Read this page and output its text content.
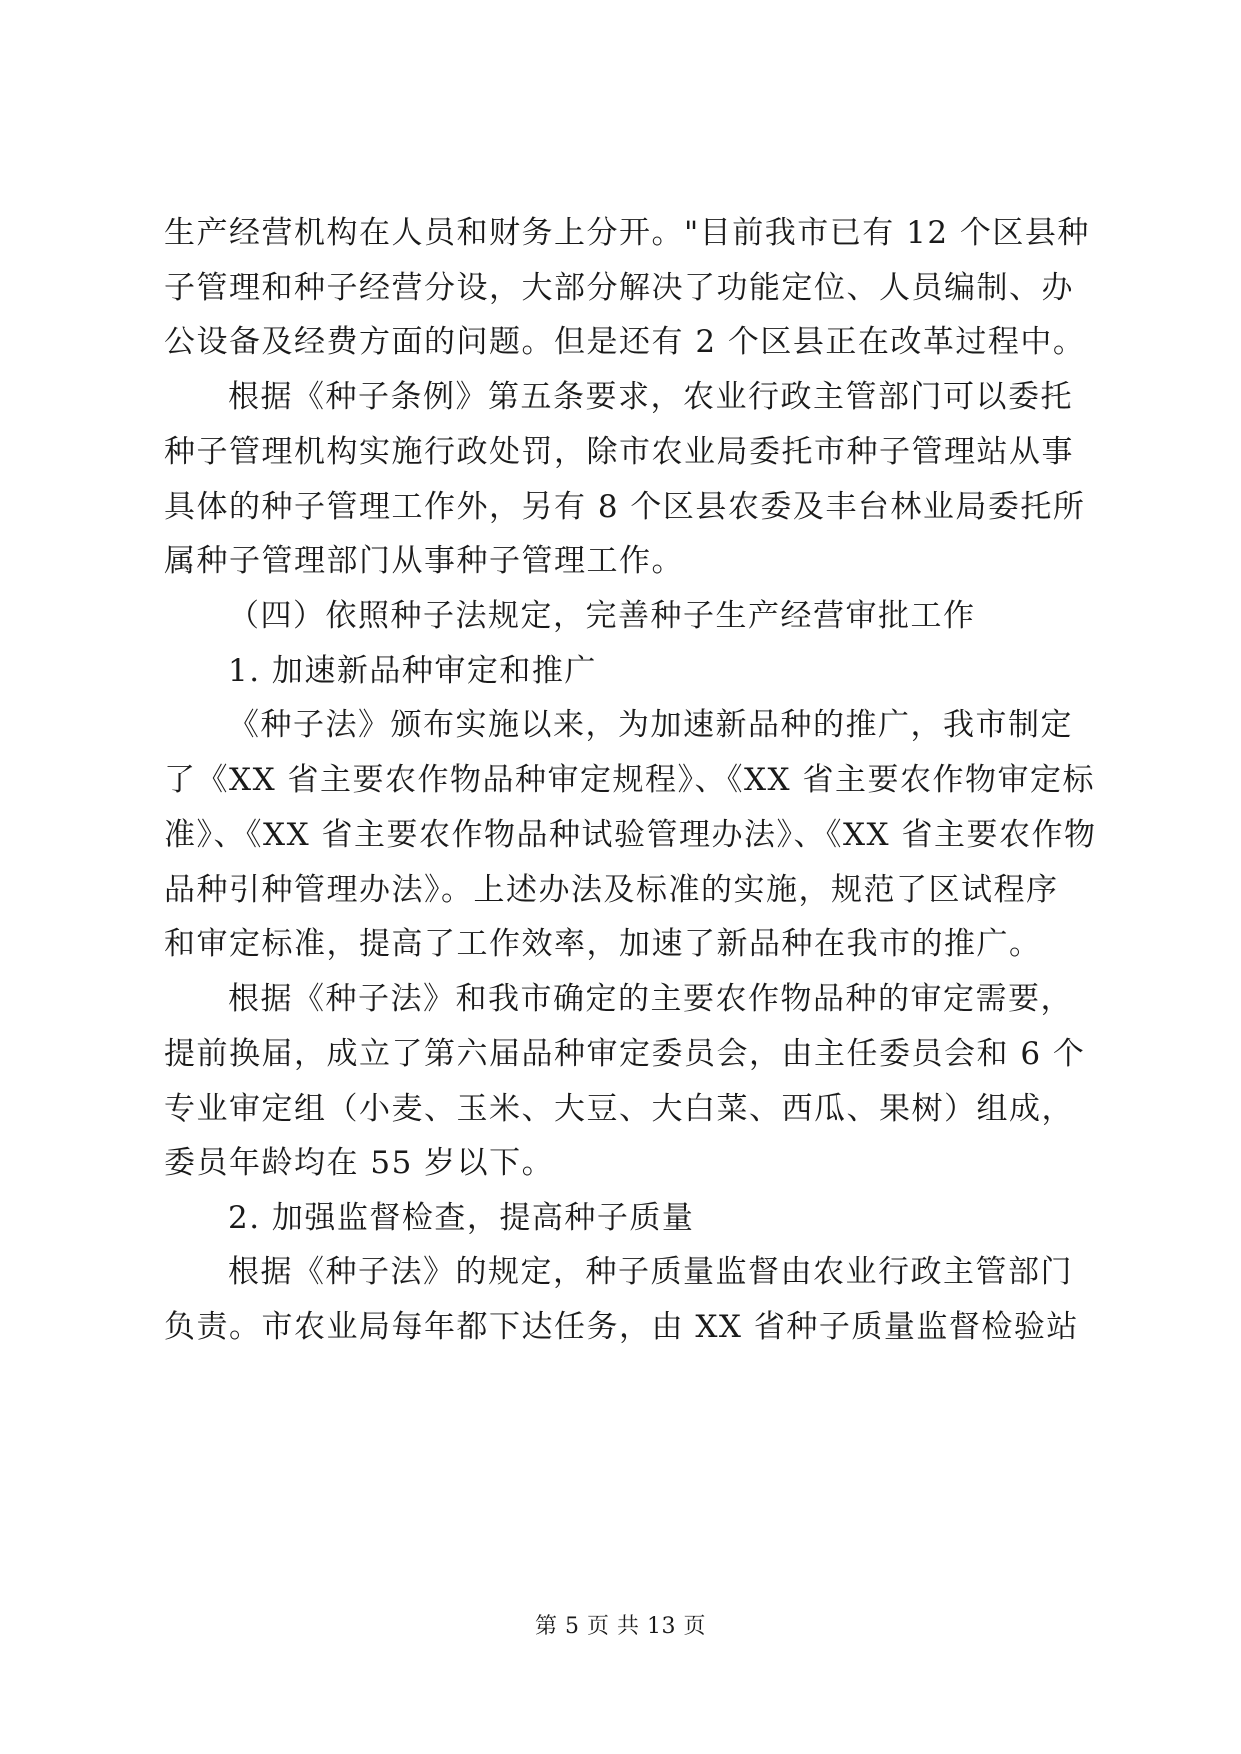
生产经营机构在人员和财务上分开。"目前我市已有 12 个区县种
子管理和种子经营分设，大部分解决了功能定位、人员编制、办
公设备及经费方面的问题。但是还有 2 个区县正在改革过程中。
根据《种子条例》第五条要求，农业行政主管部门可以委托
种子管理机构实施行政处罚，除市农业局委托市种子管理站从事
具体的种子管理工作外，另有 8 个区县农委及丰台林业局委托所
属种子管理部门从事种子管理工作。
（四）依照种子法规定，完善种子生产经营审批工作
1. 加速新品种审定和推广
《种子法》颁布实施以来，为加速新品种的推广，我市制定
了《XX 省主要农作物品种审定规程》、《XX 省主要农作物审定标
准》、《XX 省主要农作物品种试验管理办法》、《XX 省主要农作物
品种引种管理办法》。上述办法及标准的实施，规范了区试程序
和审定标准，提高了工作效率，加速了新品种在我市的推广。
根据《种子法》和我市确定的主要农作物品种的审定需要，
提前换届，成立了第六届品种审定委员会，由主任委员会和 6 个
专业审定组（小麦、玉米、大豆、大白菜、西瓜、果树）组成，
委员年龄均在 55 岁以下。
2. 加强监督检查，提高种子质量
根据《种子法》的规定，种子质量监督由农业行政主管部门
负责。市农业局每年都下达任务，由 XX 省种子质量监督检验站
第 5 页 共 13 页
